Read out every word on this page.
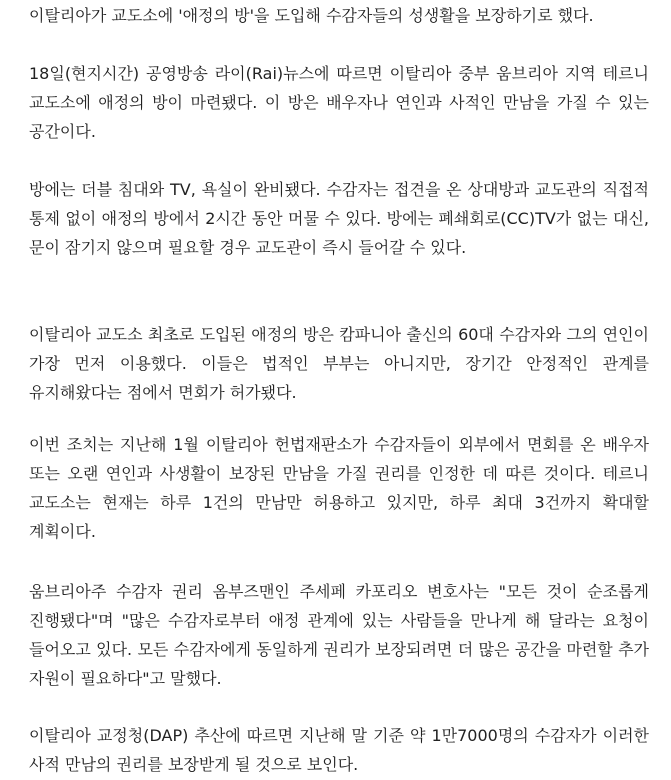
이탈리아가 교도소에 '애정의 방'을 도입해 수감자들의 성생활을 보장하기로 했다.

18일(현지시간) 공영방송 라이(Rai)뉴스에 따르면 이탈리아 중부 움브리아 지역 테르니 교도소에 애정의 방이 마련됐다. 이 방은 배우자나 연인과 사적인 만남을 가질 수 있는 공간이다.

방에는 더블 침대와 TV, 욕실이 완비됐다. 수감자는 접견을 온 상대방과 교도관의 직접적 통제 없이 애정의 방에서 2시간 동안 머물 수 있다. 방에는 폐쇄회로(CC)TV가 없는 대신, 문이 잠기지 않으며 필요할 경우 교도관이 즉시 들어갈 수 있다.

이탈리아 교도소 최초로 도입된 애정의 방은 캄파니아 출신의 60대 수감자와 그의 연인이 가장 먼저 이용했다. 이들은 법적인 부부는 아니지만, 장기간 안정적인 관계를 유지해왔다는 점에서 면회가 허가됐다.

이번 조치는 지난해 1월 이탈리아 헌법재판소가 수감자들이 외부에서 면회를 온 배우자 또는 오랜 연인과 사생활이 보장된 만남을 가질 권리를 인정한 데 따른 것이다. 테르니 교도소는 현재는 하루 1건의 만남만 허용하고 있지만, 하루 최대 3건까지 확대할 계획이다.

움브리아주 수감자 권리 옴부즈맨인 주세페 카포리오 변호사는 "모든 것이 순조롭게 진행됐다"며 "많은 수감자로부터 애정 관계에 있는 사람들을 만나게 해 달라는 요청이 들어오고 있다. 모든 수감자에게 동일하게 권리가 보장되려면 더 많은 공간을 마련할 추가 자원이 필요하다"고 말했다.

이탈리아 교정청(DAP) 추산에 따르면 지난해 말 기준 약 1만7000명의 수감자가 이러한 사적 만남의 권리를 보장받게 될 것으로 보인다.
